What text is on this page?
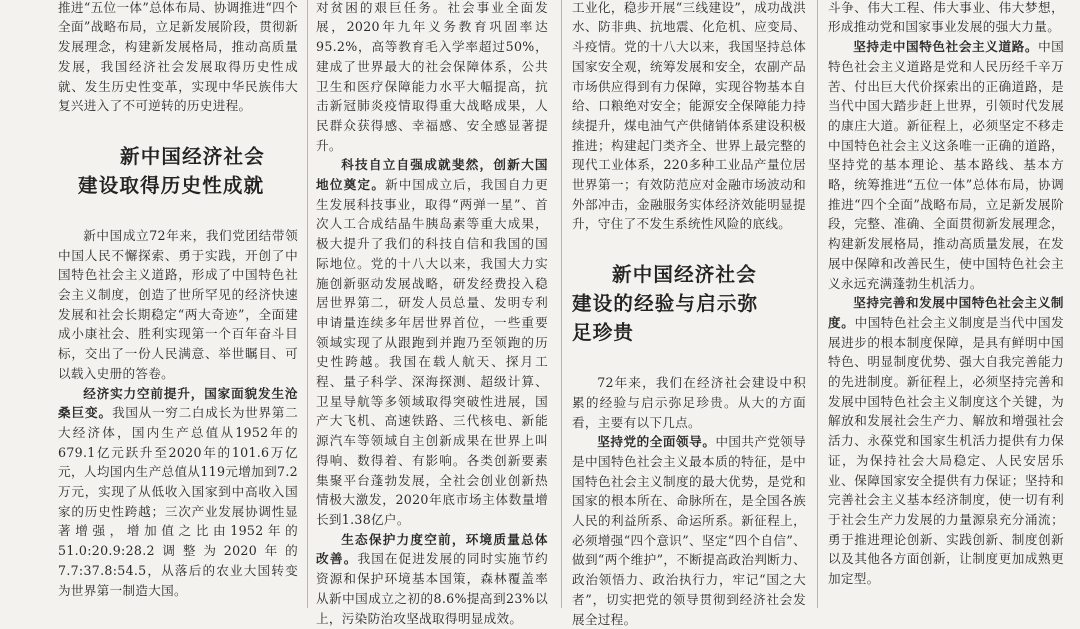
推进“五位一体”总体布局、协调推进“四个全面”战略布局，立足新发展阶段，贯彻新发展理念，构建新发展格局，推动高质量发展，我国经济社会发展取得历史性成就、发生历史性变革，实现中华民族伟大复兴进入了不可逆转的历史进程。

新中国经济社会
建设取得历史性成就

新中国成立72年来，我们党团结带领中国人民不懈探索、勇于实践，开创了中国特色社会主义道路，形成了中国特色社会主义制度，创造了世所罕见的经济快速发展和社会长期稳定“两大奇迹”，全面建成小康社会、胜利实现第一个百年奋斗目标，交出了一份人民满意、举世瞩目、可以载入史册的答卷。

经济实力空前提升，国家面貌发生沧桑巨变。我国从一穷二白成长为世界第二大经济体，国内生产总值从1952年的679.1亿元跃升至2020年的101.6万亿元，人均国内生产总值从119元增加到7.2万元，实现了从低收入国家到中高收入国家的历史性跨越；三次产业发展协调性显著增强，增加值之比由1952年的51.0:20.9:28.2调整为2020年的7.7:37.8:54.5，从落后的农业大国转变为世界第一制造大国。

对贫困的艰巨任务。社会事业全面发展，2020年九年义务教育巩固率达95.2%，高等教育毛入学率超过50%，建成了世界最大的社会保障体系，公共卫生和医疗保障能力水平大幅提高，抗击新冠肺炎疫情取得重大战略成果，人民群众获得感、幸福感、安全感显著提升。

科技自立自强成就斐然，创新大国地位奠定。新中国成立后，我国自力更生发展科技事业，取得“两弹一星”、首次人工合成结晶牛胰岛素等重大成果，极大提升了我们的科技自信和我国的国际地位。党的十八大以来，我国大力实施创新驱动发展战略，研发经费投入稳居世界第二，研发人员总量、发明专利申请量连续多年居世界首位，一些重要领域实现了从跟跑到并跑乃至领跑的历史性跨越。我国在载人航天、探月工程、量子科学、深海探测、超级计算、卫星导航等多领域取得突破性进展，国产大飞机、高速铁路、三代核电、新能源汽车等领域自主创新成果在世界上叫得响、数得着、有影响。各类创新要素集聚平台蓬勃发展，全社会创业创新热情极大激发，2020年底市场主体数量增长到1.38亿户。

生态保护力度空前，环境质量总体改善。我国在促进发展的同时实施节约资源和保护环境基本国策，森林覆盖率从新中国成立之初的8.6%提高到23%以上，污染防治攻坚战取得明显成效。

工业化，稳步开展“三线建设”，成功战洪水、防非典、抗地震、化危机、应变局、斗疫情。党的十八大以来，我国坚持总体国家安全观，统筹发展和安全，农副产品市场供应得到有力保障，实现谷物基本自给、口粮绝对安全；能源安全保障能力持续提升，煤电油气产供储销体系建设积极推进；构建起门类齐全、世界上最完整的现代工业体系，220多种工业品产量位居世界第一；有效防范应对金融市场波动和外部冲击，金融服务实体经济效能明显提升，守住了不发生系统性风险的底线。

新中国经济社会
建设的经验与启示弥
足珍贵

72年来，我们在经济社会建设中积累的经验与启示弥足珍贵。从大的方面看，主要有以下几点。

坚持党的全面领导。中国共产党领导是中国特色社会主义最本质的特征，是中国特色社会主义制度的最大优势，是党和国家的根本所在、命脉所在，是全国各族人民的利益所系、命运所系。新征程上，必须增强“四个意识”、坚定“四个自信”、做到“两个维护”，不断提高政治判断力、政治领悟力、政治执行力，牢记“国之大者”，切实把党的领导贯彻到经济社会发展全过程。

斗争、伟大工程、伟大事业、伟大梦想，形成推动党和国家事业发展的强大力量。

坚持走中国特色社会主义道路。中国特色社会主义道路是党和人民历经千辛万苦、付出巨大代价探索出的正确道路，是当代中国大踏步赶上世界，引领时代发展的康庄大道。新征程上，必须坚定不移走中国特色社会主义这条唯一正确的道路，坚持党的基本理论、基本路线、基本方略，统筹推进“五位一体”总体布局，协调推进“四个全面”战略布局，立足新发展阶段，完整、准确、全面贯彻新发展理念，构建新发展格局，推动高质量发展，在发展中保障和改善民生，使中国特色社会主义永远充满蓬勃生机活力。

坚持完善和发展中国特色社会主义制度。中国特色社会主义制度是当代中国发展进步的根本制度保障，是具有鲜明中国特色、明显制度优势、强大自我完善能力的先进制度。新征程上，必须坚持完善和发展中国特色社会主义制度这个关键，为解放和发展社会生产力、解放和增强社会活力、永葆党和国家生机活力提供有力保证，为保持社会大局稳定、人民安居乐业、保障国家安全提供有力保证；坚持和完善社会主义基本经济制度，使一切有利于社会生产力发展的力量源泉充分涌流；勇于推进理论创新、实践创新、制度创新以及其他各方面创新，让制度更加成熟更加定型。
